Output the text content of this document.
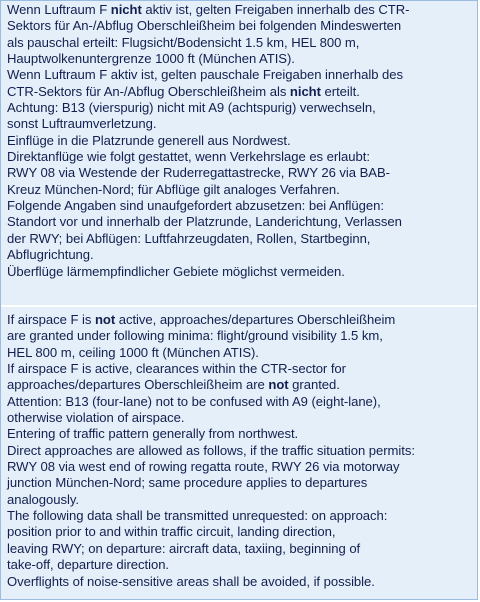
Wenn Luftraum F nicht aktiv ist, gelten Freigaben innerhalb des CTR-
Sektors für An-/Abflug Oberschleißheim bei folgenden Mindeswerten
als pauschal erteilt: Flugsicht/Bodensicht 1.5 km, HEL 800 m,
Hauptwolkenuntergrenze 1000 ft (München ATIS).
Wenn Luftraum F aktiv ist, gelten pauschale Freigaben innerhalb des
CTR-Sektors für An-/Abflug Oberschleißheim als nicht erteilt.
Achtung: B13 (vierspurig) nicht mit A9 (achtspurig) verwechseln,
sonst Luftraumverletzung.
Einflüge in die Platzrunde generell aus Nordwest.
Direktanflüge wie folgt gestattet, wenn Verkehrslage es erlaubt:
RWY 08 via Westende der Ruderregattastrecke, RWY 26 via BAB-
Kreuz München-Nord; für Abflüge gilt analoges Verfahren.
Folgende Angaben sind unaufgefordert abzusetzen: bei Anflügen:
Standort vor und innerhalb der Platzrunde, Landerichtung, Verlassen
der RWY; bei Abflügen: Luftfahrzeugdaten, Rollen, Startbeginn,
Abflugrichtung.
Überflüge lärmempfindlicher Gebiete möglichst vermeiden.
If airspace F is not active, approaches/departures Oberschleißheim
are granted under following minima: flight/ground visibility 1.5 km,
HEL 800 m, ceiling 1000 ft (München ATIS).
If airspace F is active, clearances within the CTR-sector for
approaches/departures Oberschleißheim are not granted.
Attention: B13 (four-lane) not to be confused with A9 (eight-lane),
otherwise violation of airspace.
Entering of traffic pattern generally from northwest.
Direct approaches are allowed as follows, if the traffic situation permits:
RWY 08 via west end of rowing regatta route, RWY 26 via motorway
junction München-Nord; same procedure applies to departures
analogously.
The following data shall be transmitted unrequested: on approach:
position prior to and within traffic circuit, landing direction,
leaving RWY; on departure: aircraft data, taxiing, beginning of
take-off, departure direction.
Overflights of noise-sensitive areas shall be avoided, if possible.
